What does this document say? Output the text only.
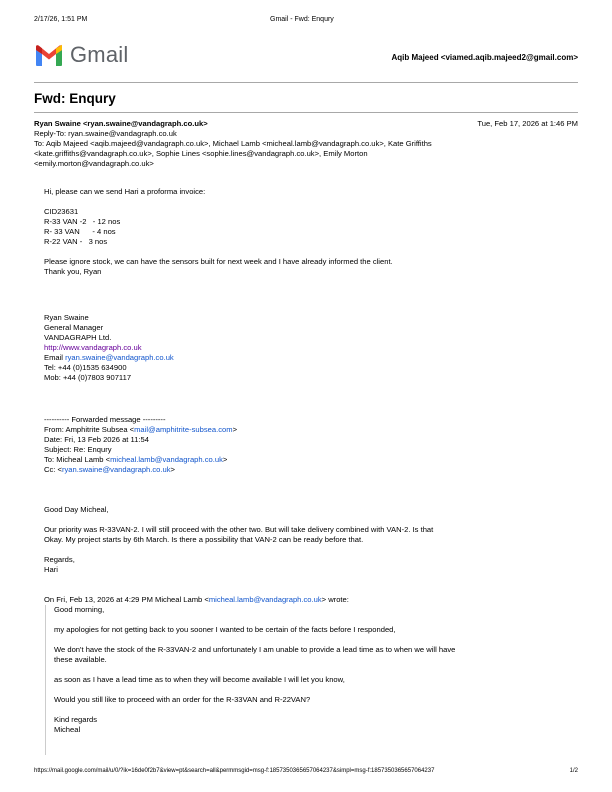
2/17/26, 1:51 PM	Gmail - Fwd: Enqury
Gmail	Aqib Majeed <viamed.aqib.majeed2@gmail.com>
Fwd: Enqury
Ryan Swaine <ryan.swaine@vandagraph.co.uk>	Tue, Feb 17, 2026 at 1:46 PM
Reply-To: ryan.swaine@vandagraph.co.uk
To: Aqib Majeed <aqib.majeed@vandagraph.co.uk>, Michael Lamb <micheal.lamb@vandagraph.co.uk>, Kate Griffiths
<kate.griffiths@vandagraph.co.uk>, Sophie Lines <sophie.lines@vandagraph.co.uk>, Emily Morton
<emily.morton@vandagraph.co.uk>

Hi, please can we send Hari a proforma invoice:

CID23631
R-33 VAN -2   - 12 nos
R- 33 VAN      - 4 nos
R-22 VAN -   3 nos
Please ignore stock, we can have the sensors built for next week and I have already informed the client.
Thank you, Ryan
Ryan Swaine
General Manager
VANDAGRAPH Ltd.
http://www.vandagraph.co.uk
Email ryan.swaine@vandagraph.co.uk
Tel: +44 (0)1535 634900
Mob: +44 (0)7803 907117
---------- Forwarded message ---------
From: Amphitrite Subsea <mail@amphitrite-subsea.com>
Date: Fri, 13 Feb 2026 at 11:54
Subject: Re: Enqury
To: Micheal Lamb <micheal.lamb@vandagraph.co.uk>
Cc: <ryan.swaine@vandagraph.co.uk>

Good Day Micheal,

Our priority was R-33VAN-2. I will still proceed with the other two. But will take delivery combined with VAN-2. Is that
Okay. My project starts by 6th March. Is there a possibility that VAN-2 can be ready before that.
Regards,
Hari
On Fri, Feb 13, 2026 at 4:29 PM Micheal Lamb <micheal.lamb@vandagraph.co.uk> wrote:

Good morning,

my apologies for not getting back to you sooner I wanted to be certain of the facts before I responded,

We don't have the stock of the R-33VAN-2 and unfortunately I am unable to provide a lead time as to when we will have

these available.

as soon as I have a lead time as to when they will become available I will let you know,

Would you still like to proceed with an order for the R-33VAN and R-22VAN?

Kind regards
Micheal
https://mail.google.com/mail/u/0/?ik=16de0f2b7&view=pt&search=all&permmsgid=msg-f:1857350365657064237&simpl=msg-f:1857350365657064237	1/2
